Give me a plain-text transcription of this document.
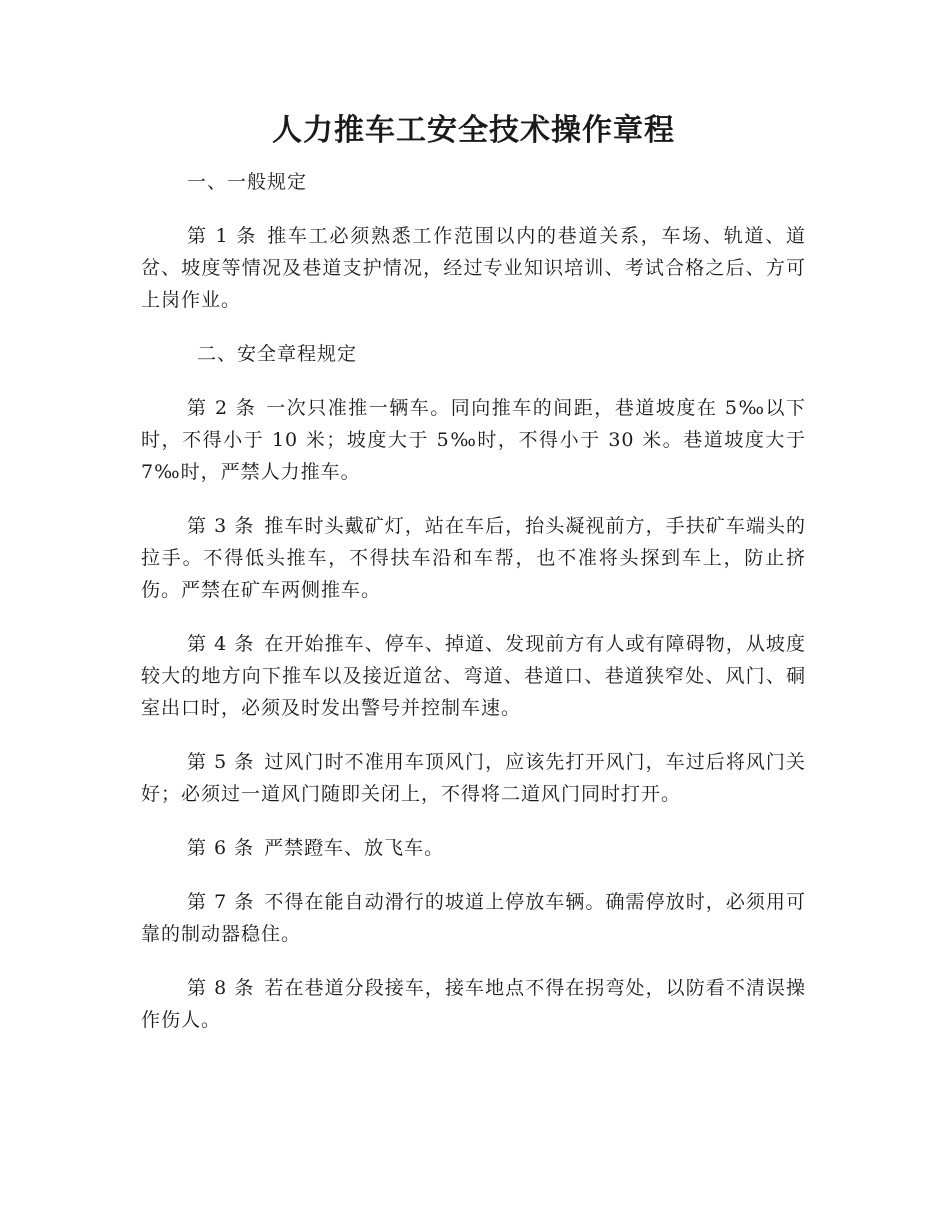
人力推车工安全技术操作章程
一、一般规定

第 1 条 推车工必须熟悉工作范围以内的巷道关系，车场、轨道、道岔、坡度等情况及巷道支护情况，经过专业知识培训、考试合格之后、方可上岗作业。

二、安全章程规定

第 2 条 一次只准推一辆车。同向推车的间距，巷道坡度在 5‰以下时，不得小于 10 米；坡度大于 5‰时，不得小于 30 米。巷道坡度大于 7‰时，严禁人力推车。

第 3 条 推车时头戴矿灯，站在车后，抬头凝视前方，手扶矿车端头的拉手。不得低头推车，不得扶车沿和车帮，也不准将头探到车上，防止挤伤。严禁在矿车两侧推车。

第 4 条 在开始推车、停车、掉道、发现前方有人或有障碍物，从坡度较大的地方向下推车以及接近道岔、弯道、巷道口、巷道狭窄处、风门、硐室出口时，必须及时发出警号并控制车速。

第 5 条 过风门时不准用车顶风门，应该先打开风门，车过后将风门关好；必须过一道风门随即关闭上，不得将二道风门同时打开。

第 6 条 严禁蹬车、放飞车。

第 7 条 不得在能自动滑行的坡道上停放车辆。确需停放时，必须用可靠的制动器稳住。

第 8 条 若在巷道分段接车，接车地点不得在拐弯处，以防看不清误操作伤人。
